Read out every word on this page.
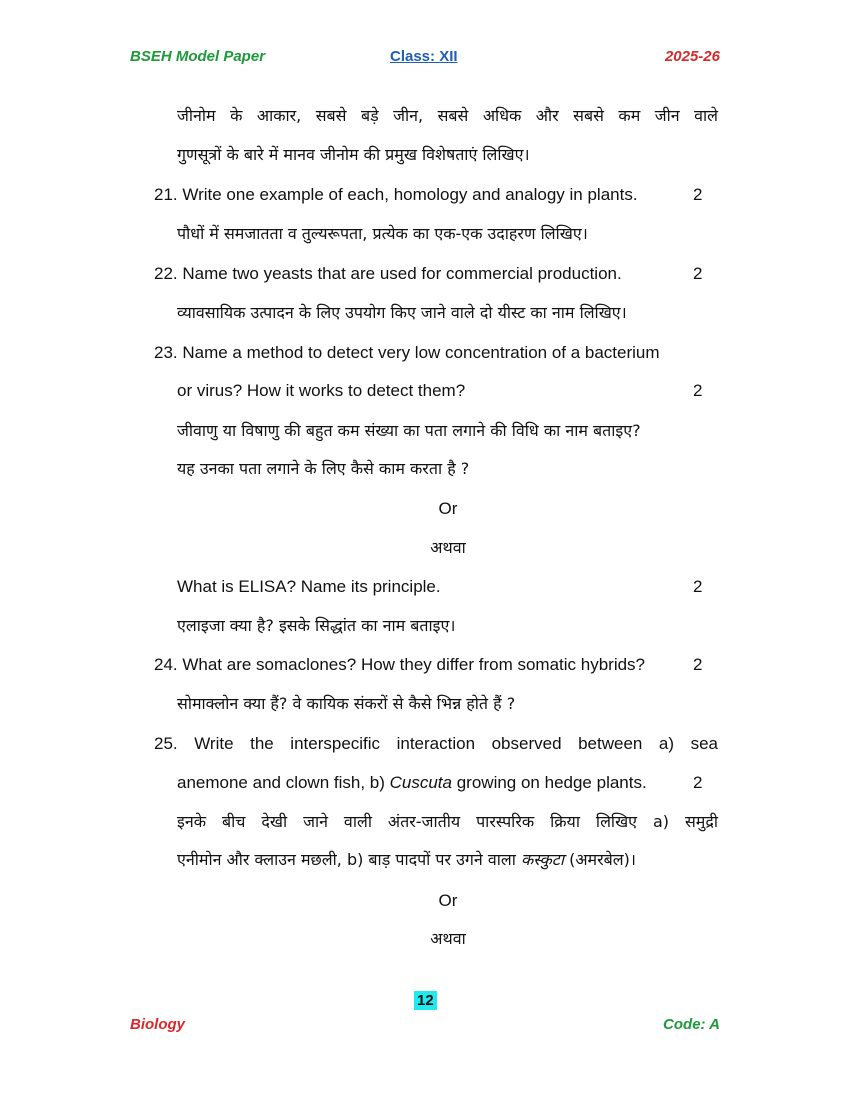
BSEH Model Paper	Class: XII	2025-26
जीनोम के आकार, सबसे बड़े जीन, सबसे अधिक और सबसे कम जीन वाले
गुणसूत्रों के बारे में मानव जीनोम की प्रमुख विशेषताएं लिखिए।
21. Write one example of each, homology and analogy in plants.	2
पौधों में समजातता व तुल्यरूपता, प्रत्येक का एक-एक उदाहरण लिखिए।
22. Name two yeasts that are used for commercial production.	2
व्यावसायिक उत्पादन के लिए उपयोग किए जाने वाले दो यीस्ट का नाम लिखिए।
23. Name a method to detect very low concentration of a bacterium
or virus? How it works to detect them?	2
जीवाणु या विषाणु की बहुत कम संख्या का पता लगाने की विधि का नाम बताइए?
यह उनका पता लगाने के लिए कैसे काम करता है ?
Or
अथवा
What is ELISA? Name its principle.	2
एलाइजा क्या है? इसके सिद्धांत का नाम बताइए।
24. What are somaclones? How they differ from somatic hybrids?	2
सोमाक्लोन क्या हैं? वे कायिक संकरों से कैसे भिन्न होते हैं ?
25. Write the interspecific interaction observed between a) sea
anemone and clown fish, b) Cuscuta growing on hedge plants.	2
इनके बीच देखी जाने वाली अंतर-जातीय पारस्परिक क्रिया लिखिए a) समुद्री
एनीमोन और क्लाउन मछली, b) बाड़ पादपों पर उगने वाला कस्कुटा (अमरबेल)।
Or
अथवा
12
Biology	Code: A
